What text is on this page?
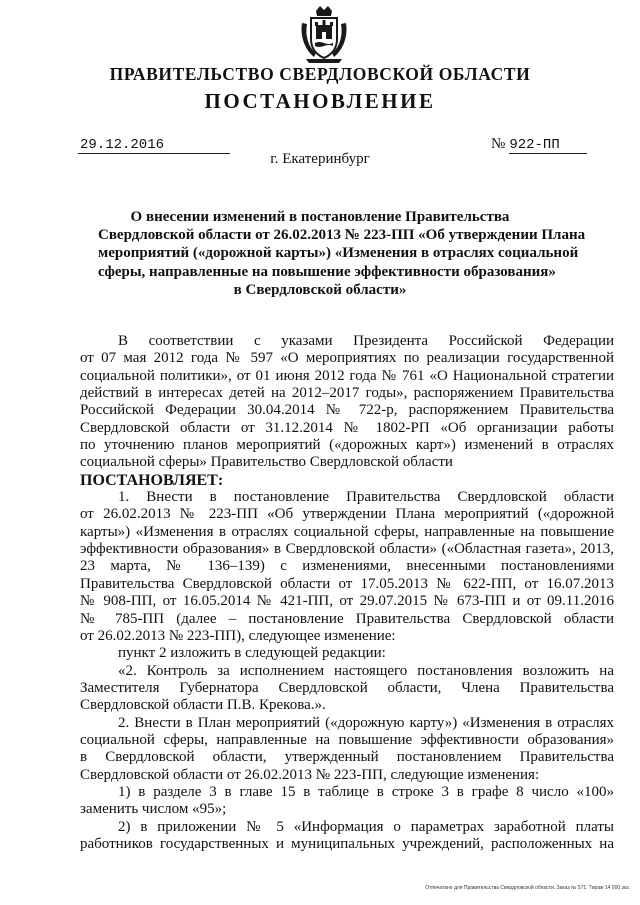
ПРАВИТЕЛЬСТВО СВЕРДЛОВСКОЙ ОБЛАСТИ
ПОСТАНОВЛЕНИЕ
29.12.2016	№ 922-ПП
г. Екатеринбург
О внесении изменений в постановление Правительства
Свердловской области от 26.02.2013 № 223-ПП «Об утверждении Плана
мероприятий («дорожной карты») «Изменения в отраслях социальной
сферы, направленные на повышение эффективности образования»
в Свердловской области»
В соответствии с указами Президента Российской Федерации
от 07 мая 2012 года № 597 «О мероприятиях по реализации государственной
социальной политики», от 01 июня 2012 года № 761 «О Национальной стратегии
действий в интересах детей на 2012–2017 годы», распоряжением Правительства
Российской Федерации 30.04.2014 № 722-р, распоряжением Правительства
Свердловской области от 31.12.2014 № 1802-РП «Об организации работы
по уточнению планов мероприятий («дорожных карт») изменений в отраслях
социальной сферы» Правительство Свердловской области
ПОСТАНОВЛЯЕТ:
1. Внести в постановление Правительства Свердловской области
от 26.02.2013 № 223-ПП «Об утверждении Плана мероприятий («дорожной
карты») «Изменения в отраслях социальной сферы, направленные на повышение
эффективности образования» в Свердловской области» («Областная газета», 2013,
23 марта, № 136–139) с изменениями, внесенными постановлениями
Правительства Свердловской области от 17.05.2013 № 622-ПП, от 16.07.2013
№ 908-ПП, от 16.05.2014 № 421-ПП, от 29.07.2015 № 673-ПП и от 09.11.2016
№ 785-ПП (далее – постановление Правительства Свердловской области
от 26.02.2013 № 223-ПП), следующее изменение:
пункт 2 изложить в следующей редакции:
«2. Контроль за исполнением настоящего постановления возложить на
Заместителя Губернатора Свердловской области, Члена Правительства
Свердловской области П.В. Крекова.».
2. Внести в План мероприятий («дорожную карту») «Изменения в отраслях
социальной сферы, направленные на повышение эффективности образования»
в Свердловской области, утвержденный постановлением Правительства
Свердловской области от 26.02.2013 № 223-ПП, следующие изменения:
1) в разделе 3 в главе 15 в таблице в строке 3 в графе 8 число «100»
заменить числом «95»;
2) в приложении № 5 «Информация о параметрах заработной платы
работников государственных и муниципальных учреждений, расположенных на
Отпечатано для Правительства Свердловской области. Заказ № 571. Тираж 14 000 экз.
